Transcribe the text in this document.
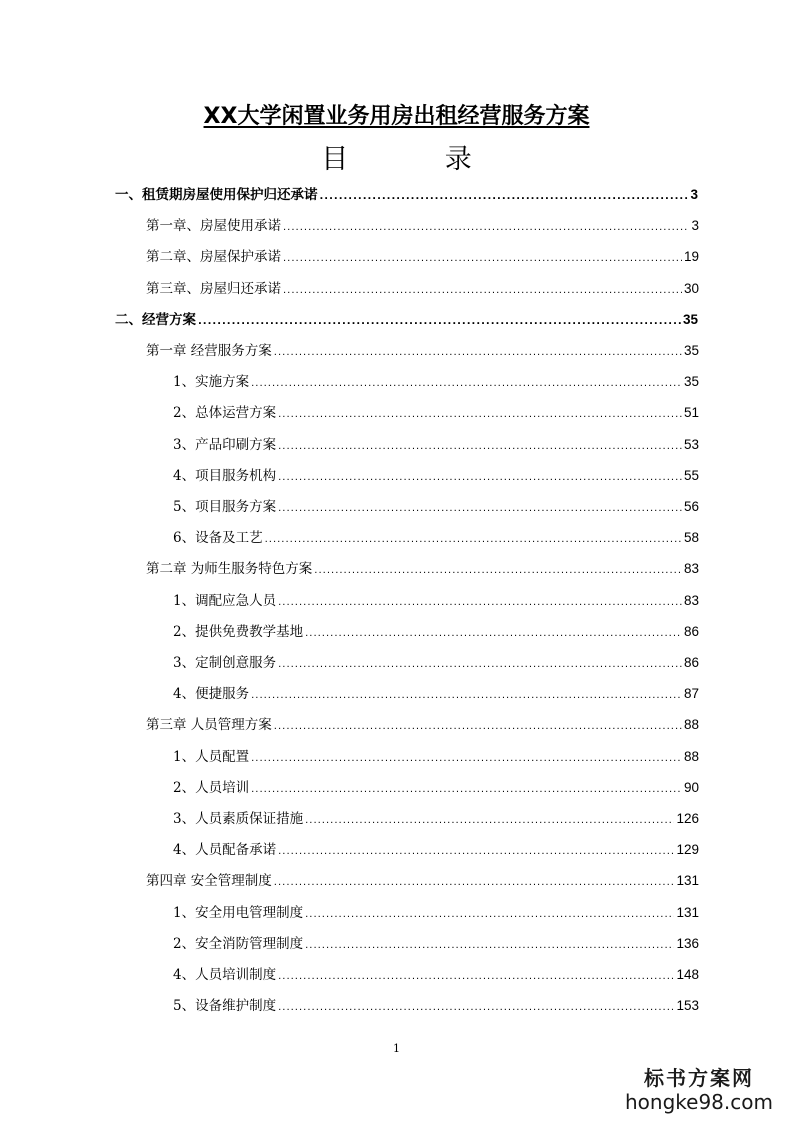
XX大学闲置业务用房出租经营服务方案
目 录
一、租赁期房屋使用保护归还承诺 .....	3
第一章、房屋使用承诺 .....	3
第二章、房屋保护承诺 .....	19
第三章、房屋归还承诺 .....	30
二、经营方案 .....	35
第一章 经营服务方案 .....	35
1、实施方案 .....	35
2、总体运营方案 .....	51
3、产品印刷方案 .....	53
4、项目服务机构 .....	55
5、项目服务方案 .....	56
6、设备及工艺 .....	58
第二章 为师生服务特色方案 .....	83
1、调配应急人员 .....	83
2、提供免费教学基地 .....	86
3、定制创意服务 .....	86
4、便捷服务 .....	87
第三章 人员管理方案 .....	88
1、人员配置 .....	88
2、人员培训 .....	90
3、人员素质保证措施 .....	126
4、人员配备承诺 .....	129
第四章 安全管理制度 .....	131
1、安全用电管理制度 .....	131
2、安全消防管理制度 .....	136
4、人员培训制度 .....	148
5、设备维护制度 .....	153
1
标书方案网
hongke98.com
